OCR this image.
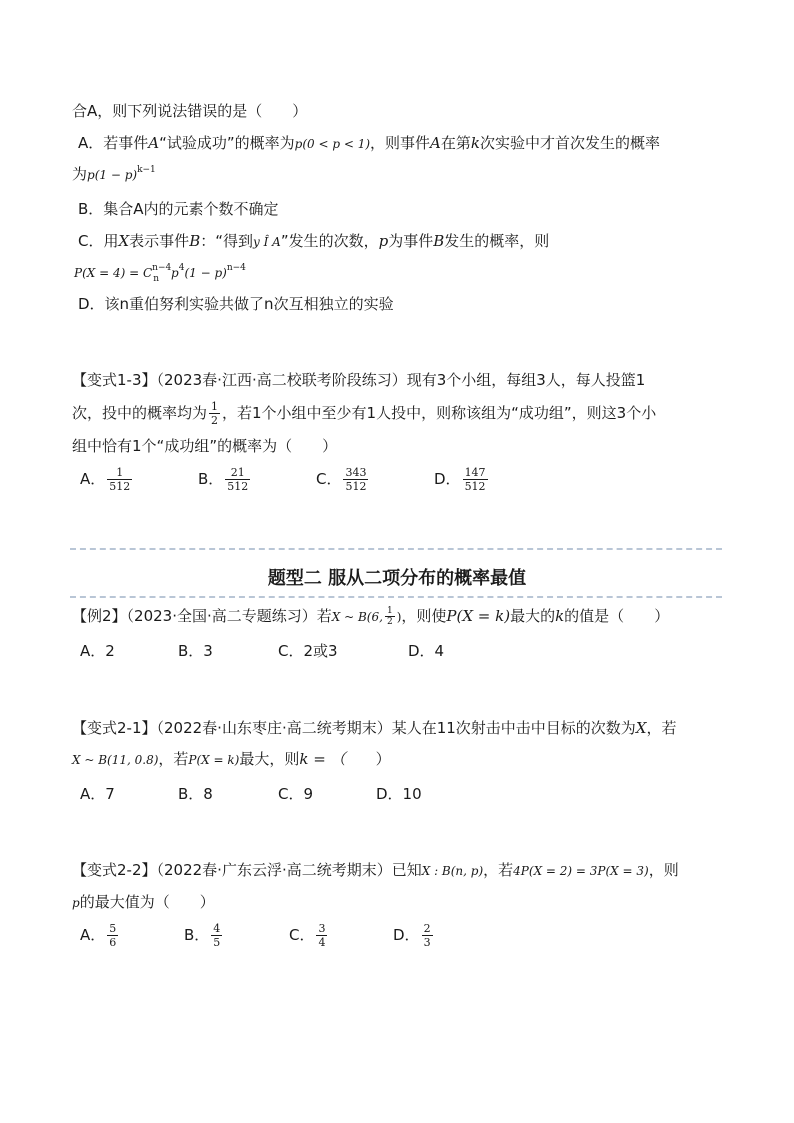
合A，则下列说法错误的是（ ）
A．若事件A“试验成功”的概率为p(0 < p < 1)，则事件A在第k次实验中才首次发生的概率
为$p(1 - p)^{k-1}$
B．集合A内的元素个数不确定
C．用X表示事件B：“得到y Î A”发生的次数，p为事件B发生的概率，则
$P(X = 4) = C^{n-4}_n$ $p^4(1 - p)^{n-4}$
D．该n重伯努利实验共做了n次互相独立的实验
【变式1-3】（2023春·江西·高二校联考阶段练习）现有3个小组，每组3人，每人投篮1
次，投中的概率均为 $\frac{1}{2}$ ，若1个小组中至少有1人投中，则称该组为“成功组”，则这3个小
组中恰有1个“成功组”的概率为（ ）
A． $\frac{1}{512}$	B． $\frac{21}{512}$	C． $\frac{343}{512}$	D． $\frac{147}{512}$
题型二 服从二项分布的概率最值
【例2】（2023·全国·高二专题练习）若X ~ B(6, $\frac{1}{2}$ )，则使P(X = k)最大的k的值是（ ）
A．2	B．3	C．2或3	D．4
【变式2-1】（2022春·山东枣庄·高二统考期末）某人在11次射击中击中目标的次数为X，若
X ~ B(11, 0.8)，若P(X = k)最大，则k = （ ）
A．7	B．8	C．9	D．10
【变式2-2】（2022春·广东云浮·高二统考期末）已知X : B(n, p)，若4P(X = 2) = 3P(X = 3)，则
p的最大值为（ ）
A． $\frac{5}{6}$	B． $\frac{4}{5}$	C． $\frac{3}{4}$	D． $\frac{2}{3}$
